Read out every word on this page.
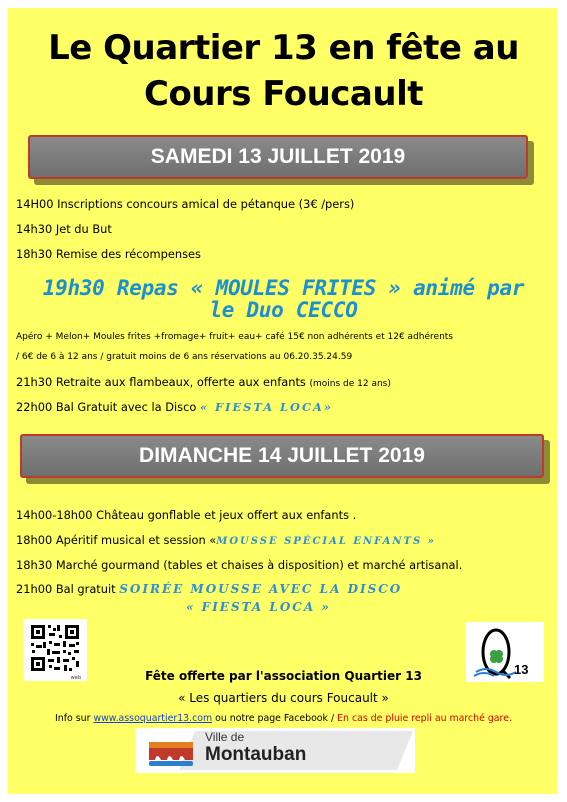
Le Quartier 13 en fête au
Cours Foucault
SAMEDI 13 JUILLET 2019
14H00 Inscriptions concours amical de pétanque (3€ /pers)
14h30 Jet du But
18h30 Remise des récompenses
19h30 Repas « MOULES FRITES » animé par
le Duo CECCO
Apéro + Melon+ Moules frites +fromage+ fruit+ eau+ café 15€ non adhérents et 12€ adhérents
/ 6€ de 6 à 12 ans / gratuit moins de 6 ans réservations au 06.20.35.24.59
21h30 Retraite aux flambeaux, offerte aux enfants (moins de 12 ans)
22h00 Bal Gratuit avec la Disco « FIESTA LOCA»
DIMANCHE 14 JUILLET 2019
14h00-18h00 Château gonflable et jeux offert aux enfants .
18h00 Apéritif musical et session «MOUSSE SPÉCIAL ENFANTS »
18h30 Marché gourmand (tables et chaises à disposition) et marché artisanal.
21h00 Bal gratuit SOIRÉE MOUSSE AVEC LA DISCO
« FIESTA LOCA »
web
13
Fête offerte par l'association Quartier 13
« Les quartiers du cours Foucault »
Info sur www.assoquartier13.com ou notre page Facebook / En cas de pluie repli au marché gare.
Ville de
Montauban
